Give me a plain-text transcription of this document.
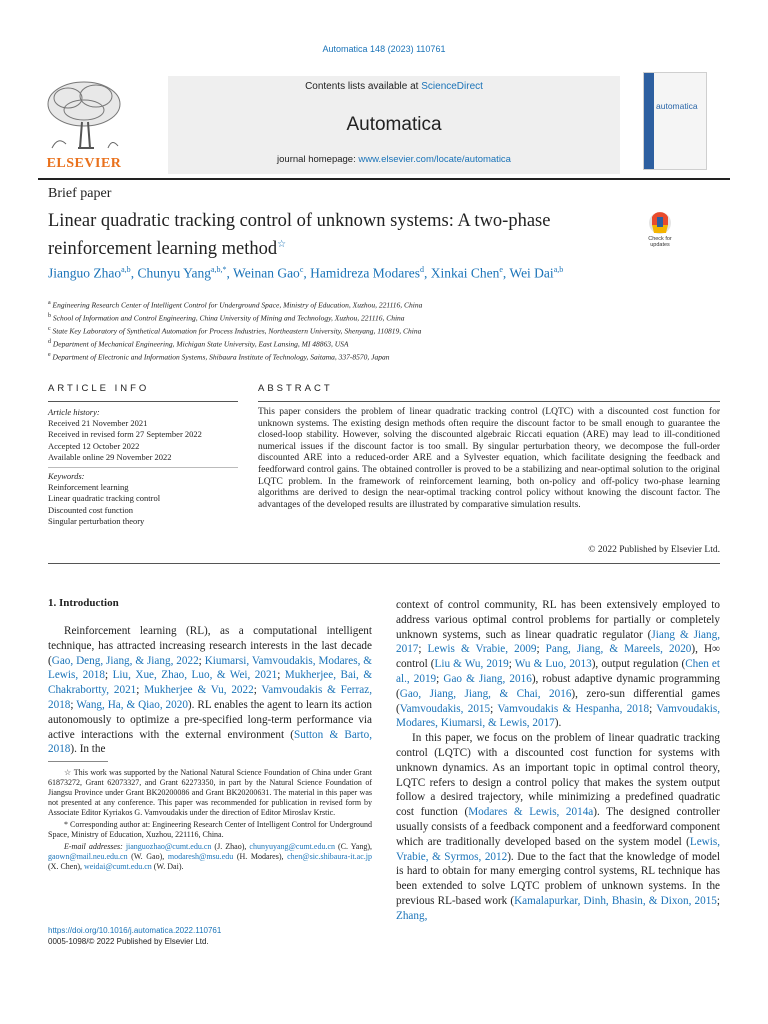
Automatica 148 (2023) 110761
ELSEVIER
Contents lists available at ScienceDirect
Automatica
journal homepage: www.elsevier.com/locate/automatica
automatica
Brief paper
Linear quadratic tracking control of unknown systems: A two-phase reinforcement learning method☆	Check for updates
Jianguo Zhao$^{a,b}$, Chunyu Yang$^{a,b,*}$, Weinan Gao$^c$, Hamidreza Modares$^d$, Xinkai Chen$^e$, Wei Dai$^{a,b}$
$^a$ Engineering Research Center of Intelligent Control for Underground Space, Ministry of Education, Xuzhou, 221116, China
$^b$ School of Information and Control Engineering, China University of Mining and Technology, Xuzhou, 221116, China
$^c$ State Key Laboratory of Synthetical Automation for Process Industries, Northeastern University, Shenyang, 110819, China
$^d$ Department of Mechanical Engineering, Michigan State University, East Lansing, MI 48863, USA
$^e$ Department of Electronic and Information Systems, Shibaura Institute of Technology, Saitama, 337-8570, Japan
ARTICLE INFO	ABSTRACT
Article history:
Received 21 November 2021
Received in revised form 27 September 2022
Accepted 12 October 2022
Available online 29 November 2022
Keywords:
Reinforcement learning
Linear quadratic tracking control
Discounted cost function
Singular perturbation theory
This paper considers the problem of linear quadratic tracking control (LQTC) with a discounted cost function for unknown systems. The existing design methods often require the discount factor to be small enough to guarantee the closed-loop stability. However, solving the discounted algebraic Riccati equation (ARE) may lead to ill-conditioned numerical issues if the discount factor is too small. By singular perturbation theory, we decompose the full-order discounted ARE into a reduced-order ARE and a Sylvester equation, which facilitate designing the feedback and feedforward control gains. The obtained controller is proved to be a stabilizing and near-optimal solution to the original LQTC problem. In the framework of reinforcement learning, both on-policy and off-policy two-phase learning algorithms are derived to design the near-optimal tracking control policy without knowing the discount factor. The advantages of the developed results are illustrated by comparative simulation results.
© 2022 Published by Elsevier Ltd.
1. Introduction
Reinforcement learning (RL), as a computational intelligent technique, has attracted increasing research interests in the last decade (Gao, Deng, Jiang, & Jiang, 2022; Kiumarsi, Vamvoudakis, Modares, & Lewis, 2018; Liu, Xue, Zhao, Luo, & Wei, 2021; Mukherjee, Bai, & Chakrabortty, 2021; Mukherjee & Vu, 2022; Vamvoudakis & Ferraz, 2018; Wang, Ha, & Qiao, 2020). RL enables the agent to learn its action autonomously to optimize a pre-specified long-term performance via active interactions with the external environment (Sutton & Barto, 2018). In the

☆ This work was supported by the National Natural Science Foundation of China under Grant 61873272, Grant 62073327, and Grant 62273350, in part by the Natural Science Foundation of Jiangsu Province under Grant BK20200086 and Grant BK20200631. The material in this paper was not presented at any conference. This paper was recommended for publication in revised form by Associate Editor Kyriakos G. Vamvoudakis under the direction of Editor Miroslav Krstic.

* Corresponding author at: Engineering Research Center of Intelligent Control for Underground Space, Ministry of Education, Xuzhou, 221116, China.

E-mail addresses: jianguozhao@cumt.edu.cn (J. Zhao), chunyuyang@cumt.edu.cn (C. Yang), gaown@mail.neu.edu.cn (W. Gao), modaresh@msu.edu (H. Modares), chen@sic.shibaura-it.ac.jp (X. Chen), weidai@cumt.edu.cn (W. Dai).

https://doi.org/10.1016/j.automatica.2022.110761
0005-1098/© 2022 Published by Elsevier Ltd.
context of control community, RL has been extensively employed to address various optimal control problems for partially or completely unknown systems, such as linear quadratic regulator (Jiang & Jiang, 2017; Lewis & Vrabie, 2009; Pang, Jiang, & Mareels, 2020), H∞ control (Liu & Wu, 2019; Wu & Luo, 2013), output regulation (Chen et al., 2019; Gao & Jiang, 2016), robust adaptive dynamic programming (Gao, Jiang, Jiang, & Chai, 2016), zero-sun differential games (Vamvoudakis, 2015; Vamvoudakis & Hespanha, 2018; Vamvoudakis, Modares, Kiumarsi, & Lewis, 2017).
In this paper, we focus on the problem of linear quadratic tracking control (LQTC) with a discounted cost function for systems with unknown dynamics. As an important topic in optimal control theory, LQTC refers to design a control policy that makes the system output follow a desired trajectory, while minimizing a predefined quadratic cost function (Modares & Lewis, 2014a). The designed controller usually consists of a feedback component and a feedforward component which are traditionally developed based on the system model (Lewis, Vrabie, & Syrmos, 2012). Due to the fact that the knowledge of model is hard to obtain for many emerging control systems, RL technique has been extended to solve LQTC problem of unknown systems. In the previous RL-based work (Kamalapurkar, Dinh, Bhasin, & Dixon, 2015; Zhang,
